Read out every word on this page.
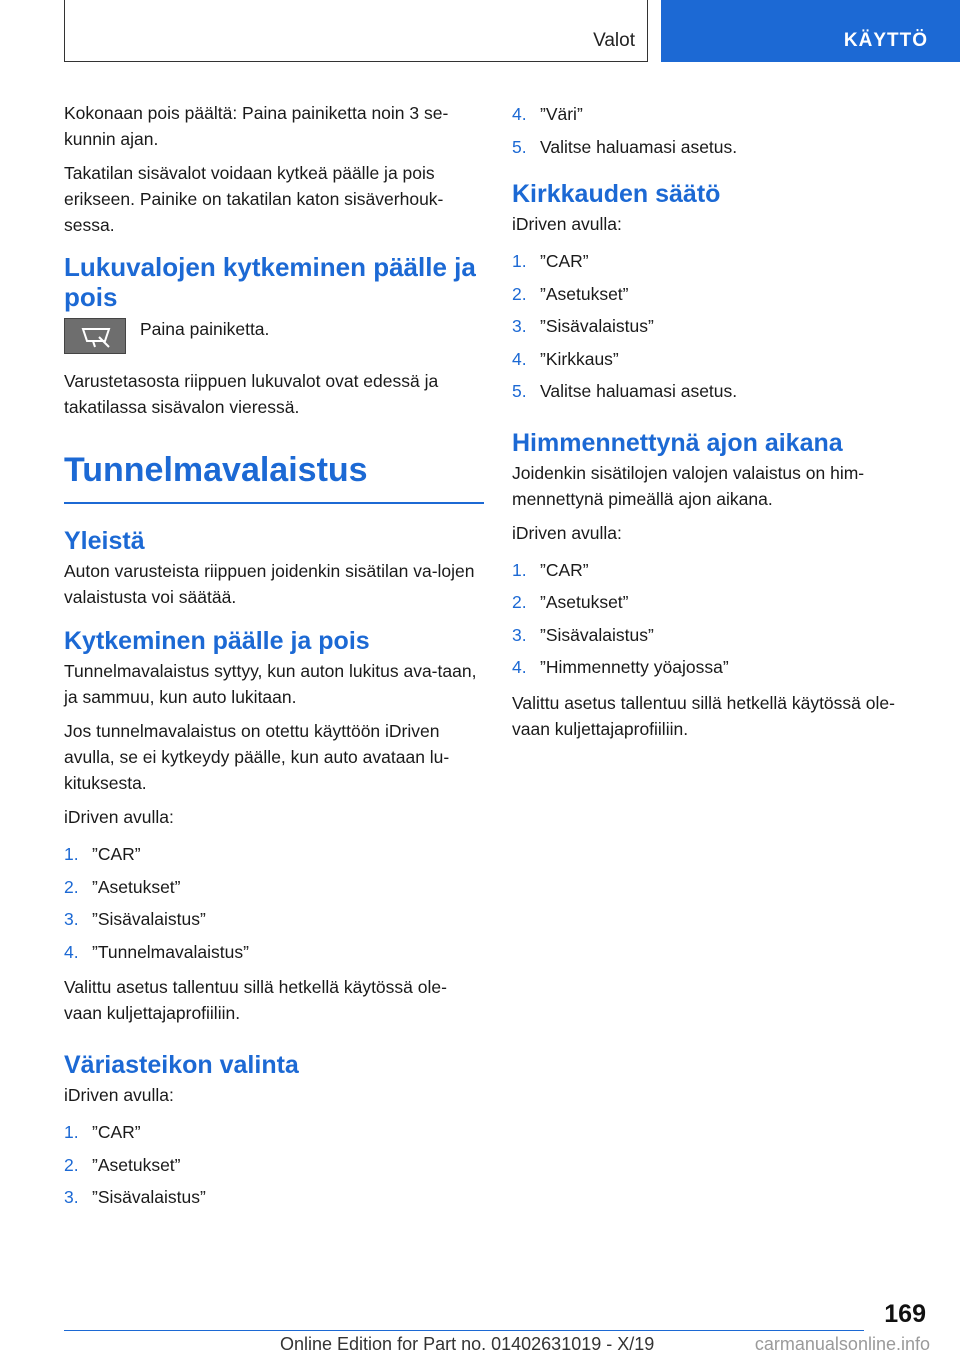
Valot	KÄYTTÖ

Kokonaan pois päältä: Paina painiketta noin 3 se-kunnin ajan.

Takatilan sisävalot voidaan kytkeä päälle ja pois erikseen. Painike on takatilan katon sisäverhouk-sessa.

Lukuvalojen kytkeminen päälle ja pois

Paina painiketta.

Varustetasosta riippuen lukuvalot ovat edessä ja takatilassa sisävalon vieressä.

Tunnelmavalaistus
Yleistä

Auton varusteista riippuen joidenkin sisätilan va-lojen valaistusta voi säätää.

Kytkeminen päälle ja pois

Tunnelmavalaistus syttyy, kun auton lukitus ava-taan, ja sammuu, kun auto lukitaan.

Jos tunnelmavalaistus on otettu käyttöön iDriven avulla, se ei kytkeydy päälle, kun auto avataan lu-kituksesta.

iDriven avulla:

1. ”CAR”
2. ”Asetukset”
3. ”Sisävalaistus”
4. ”Tunnelmavalaistus”

Valittu asetus tallentuu sillä hetkellä käytössä ole-vaan kuljettajaprofiiliin.

Väriasteikon valinta

iDriven avulla:

1. ”CAR”
2. ”Asetukset”
3. ”Sisävalaistus”
4. ”Väri”
5. Valitse haluamasi asetus.
Kirkkauden säätö

iDriven avulla:

1. ”CAR”
2. ”Asetukset”
3. ”Sisävalaistus”
4. ”Kirkkaus”
5. Valitse haluamasi asetus.
Himmennettynä ajon aikana

Joidenkin sisätilojen valojen valaistus on him-mennettynä pimeällä ajon aikana.

iDriven avulla:

1. ”CAR”
2. ”Asetukset”
3. ”Sisävalaistus”
4. ”Himmennetty yöajossa”

Valittu asetus tallentuu sillä hetkellä käytössä ole-vaan kuljettajaprofiiliin.

169
Online Edition for Part no. 01402631019 - X/19	carmanualsonline.info
